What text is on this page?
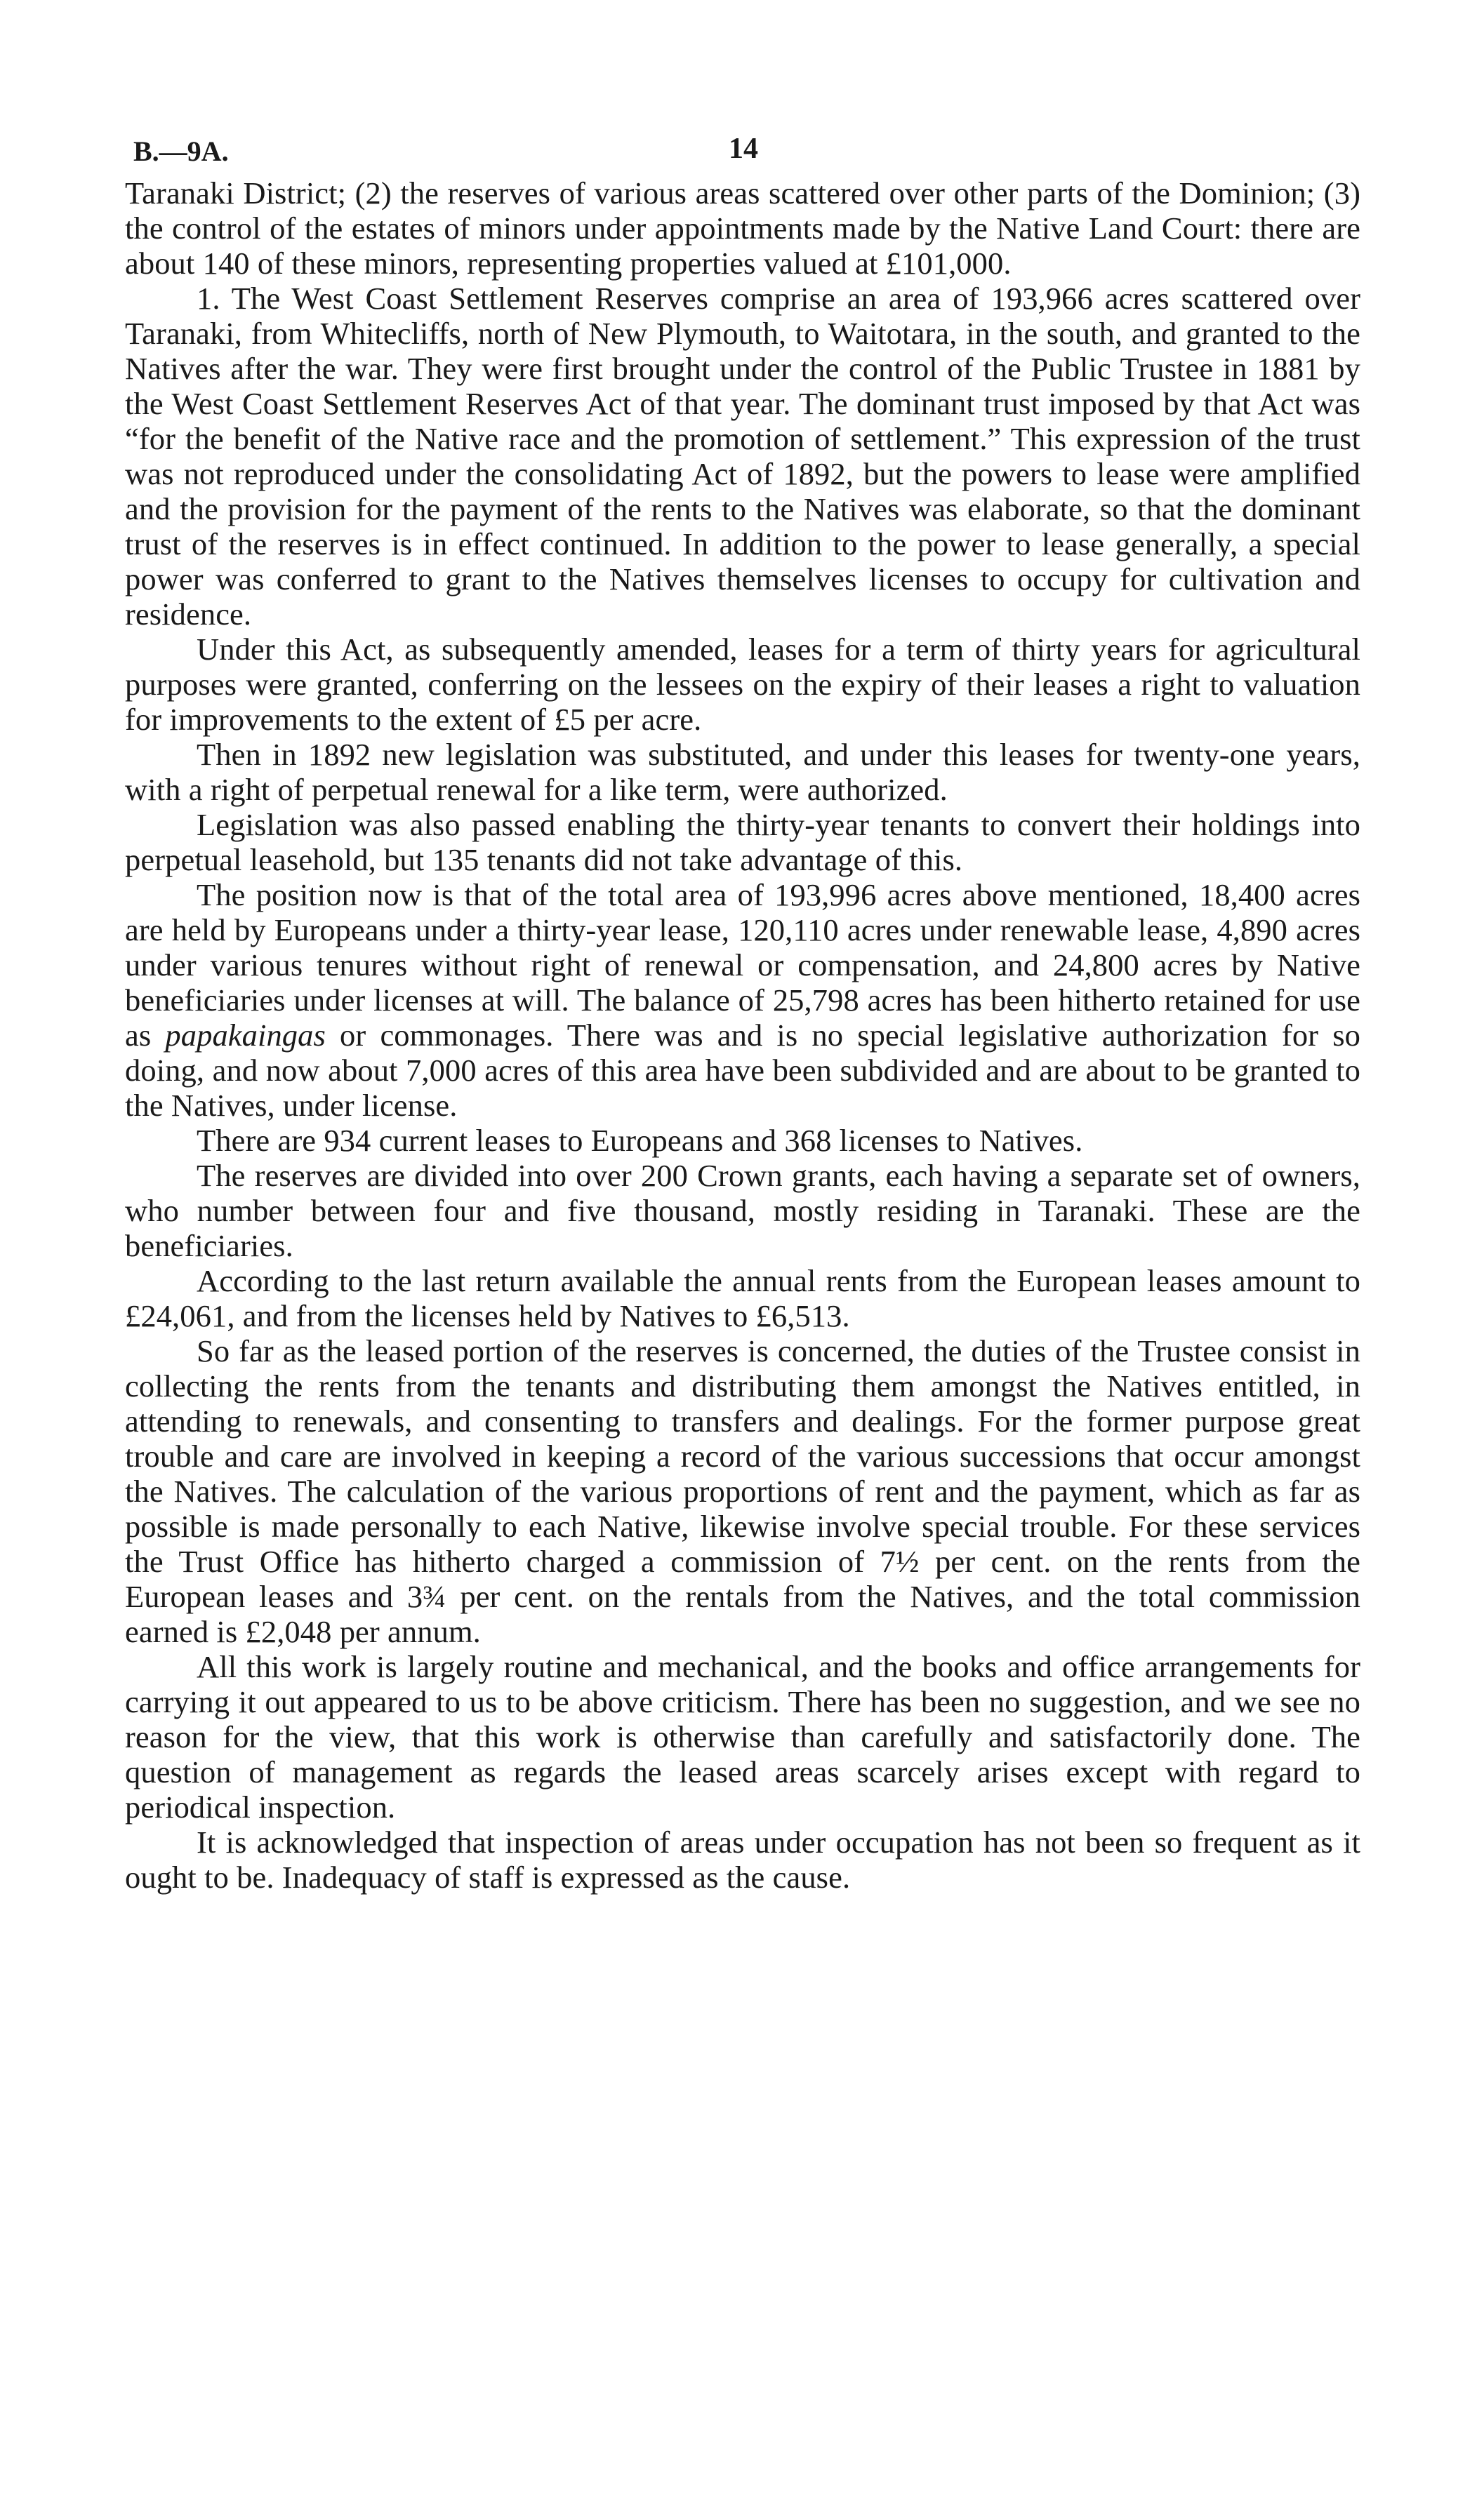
B.—9A.	14

Taranaki District; (2) the reserves of various areas scattered over other parts of the Dominion; (3) the control of the estates of minors under appointments made by the Native Land Court: there are about 140 of these minors, representing properties valued at £101,000.

1. The West Coast Settlement Reserves comprise an area of 193,966 acres scattered over Taranaki, from Whitecliffs, north of New Plymouth, to Waitotara, in the south, and granted to the Natives after the war. They were first brought under the control of the Public Trustee in 1881 by the West Coast Settlement Reserves Act of that year. The dominant trust imposed by that Act was “for the benefit of the Native race and the promotion of settlement.” This expression of the trust was not reproduced under the consolidating Act of 1892, but the powers to lease were amplified and the provision for the payment of the rents to the Natives was elaborate, so that the dominant trust of the reserves is in effect continued. In addition to the power to lease generally, a special power was conferred to grant to the Natives themselves licenses to occupy for cultivation and residence.

Under this Act, as subsequently amended, leases for a term of thirty years for agricultural purposes were granted, conferring on the lessees on the expiry of their leases a right to valuation for improvements to the extent of £5 per acre.

Then in 1892 new legislation was substituted, and under this leases for twenty-one years, with a right of perpetual renewal for a like term, were authorized.

Legislation was also passed enabling the thirty-year tenants to convert their holdings into perpetual leasehold, but 135 tenants did not take advantage of this.

The position now is that of the total area of 193,996 acres above mentioned, 18,400 acres are held by Europeans under a thirty-year lease, 120,110 acres under renewable lease, 4,890 acres under various tenures without right of renewal or compensation, and 24,800 acres by Native beneficiaries under licenses at will. The balance of 25,798 acres has been hitherto retained for use as papakaingas or commonages. There was and is no special legislative authorization for so doing, and now about 7,000 acres of this area have been subdivided and are about to be granted to the Natives, under license.

There are 934 current leases to Europeans and 368 licenses to Natives.

The reserves are divided into over 200 Crown grants, each having a separate set of owners, who number between four and five thousand, mostly residing in Taranaki. These are the beneficiaries.

According to the last return available the annual rents from the European leases amount to £24,061, and from the licenses held by Natives to £6,513.

So far as the leased portion of the reserves is concerned, the duties of the Trustee consist in collecting the rents from the tenants and distributing them amongst the Natives entitled, in attending to renewals, and consenting to transfers and dealings. For the former purpose great trouble and care are involved in keeping a record of the various successions that occur amongst the Natives. The calculation of the various proportions of rent and the payment, which as far as possible is made personally to each Native, likewise involve special trouble. For these services the Trust Office has hitherto charged a commission of 7½ per cent. on the rents from the European leases and 3¾ per cent. on the rentals from the Natives, and the total commission earned is £2,048 per annum.

All this work is largely routine and mechanical, and the books and office arrangements for carrying it out appeared to us to be above criticism. There has been no suggestion, and we see no reason for the view, that this work is otherwise than carefully and satisfactorily done. The question of management as regards the leased areas scarcely arises except with regard to periodical inspection.

It is acknowledged that inspection of areas under occupation has not been so frequent as it ought to be. Inadequacy of staff is expressed as the cause.
